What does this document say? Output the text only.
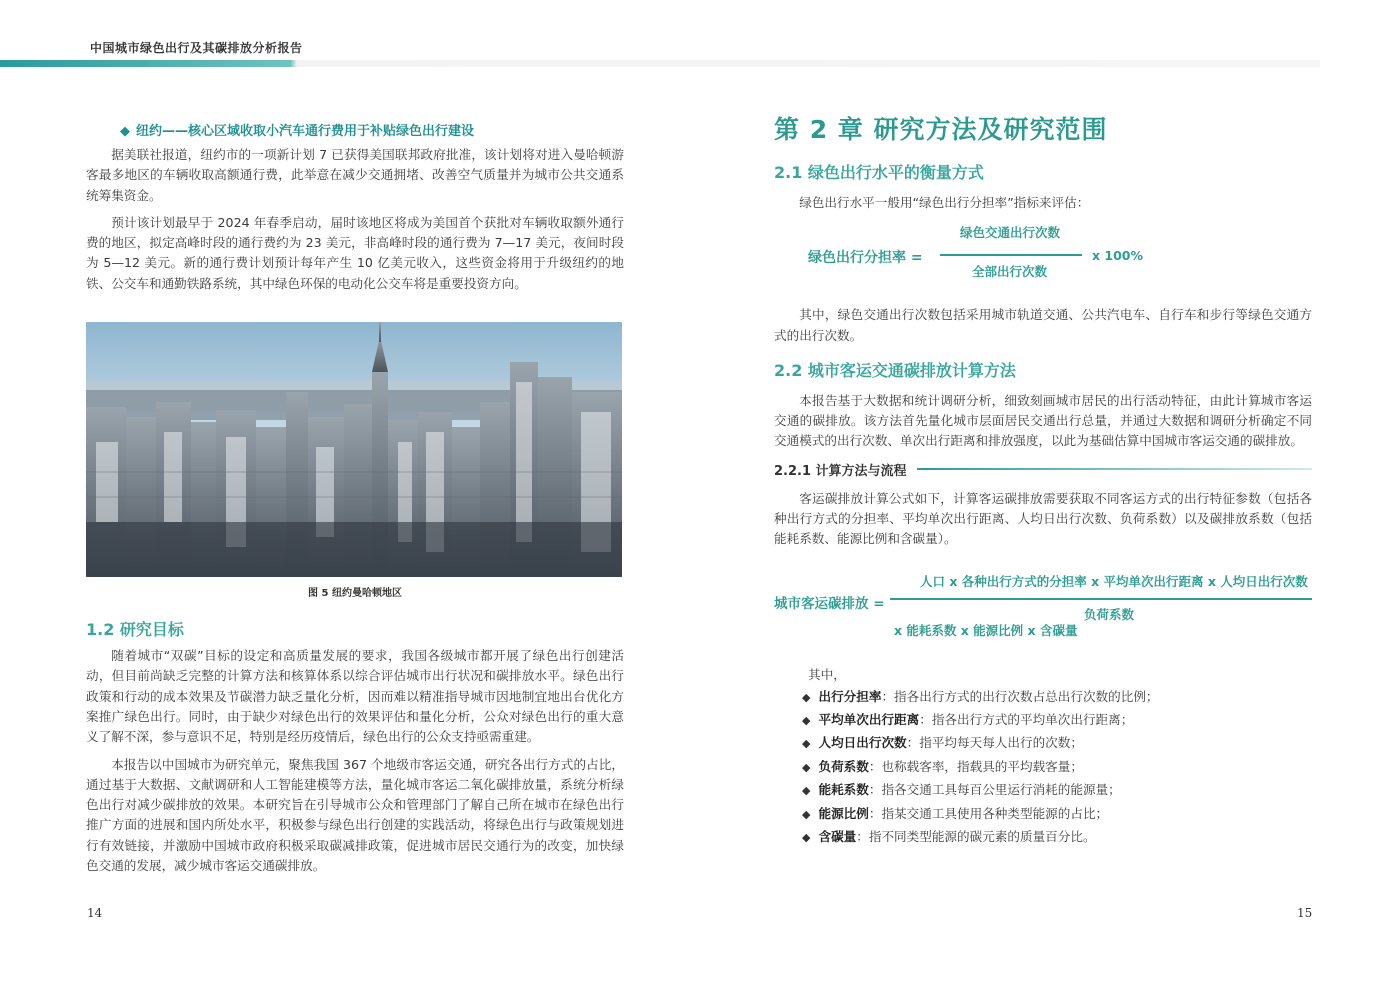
中国城市绿色出行及其碳排放分析报告
◆ 纽约——核心区域收取小汽车通行费用于补贴绿色出行建设

据美联社报道，纽约市的一项新计划 7 已获得美国联邦政府批准，该计划将对进入曼哈顿游客最多地区的车辆收取高额通行费，此举意在减少交通拥堵、改善空气质量并为城市公共交通系统筹集资金。

预计该计划最早于 2024 年春季启动，届时该地区将成为美国首个获批对车辆收取额外通行费的地区，拟定高峰时段的通行费约为 23 美元，非高峰时段的通行费为 7—17 美元，夜间时段为 5—12 美元。新的通行费计划预计每年产生 10 亿美元收入，这些资金将用于升级纽约的地铁、公交车和通勤铁路系统，其中绿色环保的电动化公交车将是重要投资方向。

图 5 纽约曼哈顿地区
1.2 研究目标

随着城市“双碳”目标的设定和高质量发展的要求，我国各级城市都开展了绿色出行创建活动，但目前尚缺乏完整的计算方法和核算体系以综合评估城市出行状况和碳排放水平。绿色出行政策和行动的成本效果及节碳潜力缺乏量化分析，因而难以精准指导城市因地制宜地出台优化方案推广绿色出行。同时，由于缺少对绿色出行的效果评估和量化分析，公众对绿色出行的重大意义了解不深，参与意识不足，特别是经历疫情后，绿色出行的公众支持亟需重建。

本报告以中国城市为研究单元，聚焦我国 367 个地级市客运交通，研究各出行方式的占比，通过基于大数据、文献调研和人工智能建模等方法，量化城市客运二氧化碳排放量，系统分析绿色出行对减少碳排放的效果。本研究旨在引导城市公众和管理部门了解自己所在城市在绿色出行推广方面的进展和国内所处水平，积极参与绿色出行创建的实践活动，将绿色出行与政策规划进行有效链接，并激励中国城市政府积极采取碳减排政策，促进城市居民交通行为的改变，加快绿色交通的发展，减少城市客运交通碳排放。

14
第 2 章 研究方法及研究范围
2.1 绿色出行水平的衡量方式

绿色出行水平一般用“绿色出行分担率”指标来评估：

绿色出行分担率 =
绿色交通出行次数
全部出行次数
x 100%

其中，绿色交通出行次数包括采用城市轨道交通、公共汽电车、自行车和步行等绿色交通方式的出行次数。

2.2 城市客运交通碳排放计算方法

本报告基于大数据和统计调研分析，细致刻画城市居民的出行活动特征，由此计算城市客运交通的碳排放。该方法首先量化城市层面居民交通出行总量，并通过大数据和调研分析确定不同交通模式的出行次数、单次出行距离和排放强度，以此为基础估算中国城市客运交通的碳排放。

2.2.1 计算方法与流程

客运碳排放计算公式如下，计算客运碳排放需要获取不同客运方式的出行特征参数（包括各种出行方式的分担率、平均单次出行距离、人均日出行次数、负荷系数）以及碳排放系数（包括能耗系数、能源比例和含碳量）。

城市客运碳排放 =
人口 x 各种出行方式的分担率 x 平均单次出行距离 x 人均日出行次数
负荷系数
x 能耗系数 x 能源比例 x 含碳量
其中，
◆ 出行分担率：指各出行方式的出行次数占总出行次数的比例；
◆ 平均单次出行距离：指各出行方式的平均单次出行距离；
◆ 人均日出行次数：指平均每天每人出行的次数；
◆ 负荷系数：也称载客率，指载具的平均载客量；
◆ 能耗系数：指各交通工具每百公里运行消耗的能源量；
◆ 能源比例：指某交通工具使用各种类型能源的占比；
◆ 含碳量：指不同类型能源的碳元素的质量百分比。
15
